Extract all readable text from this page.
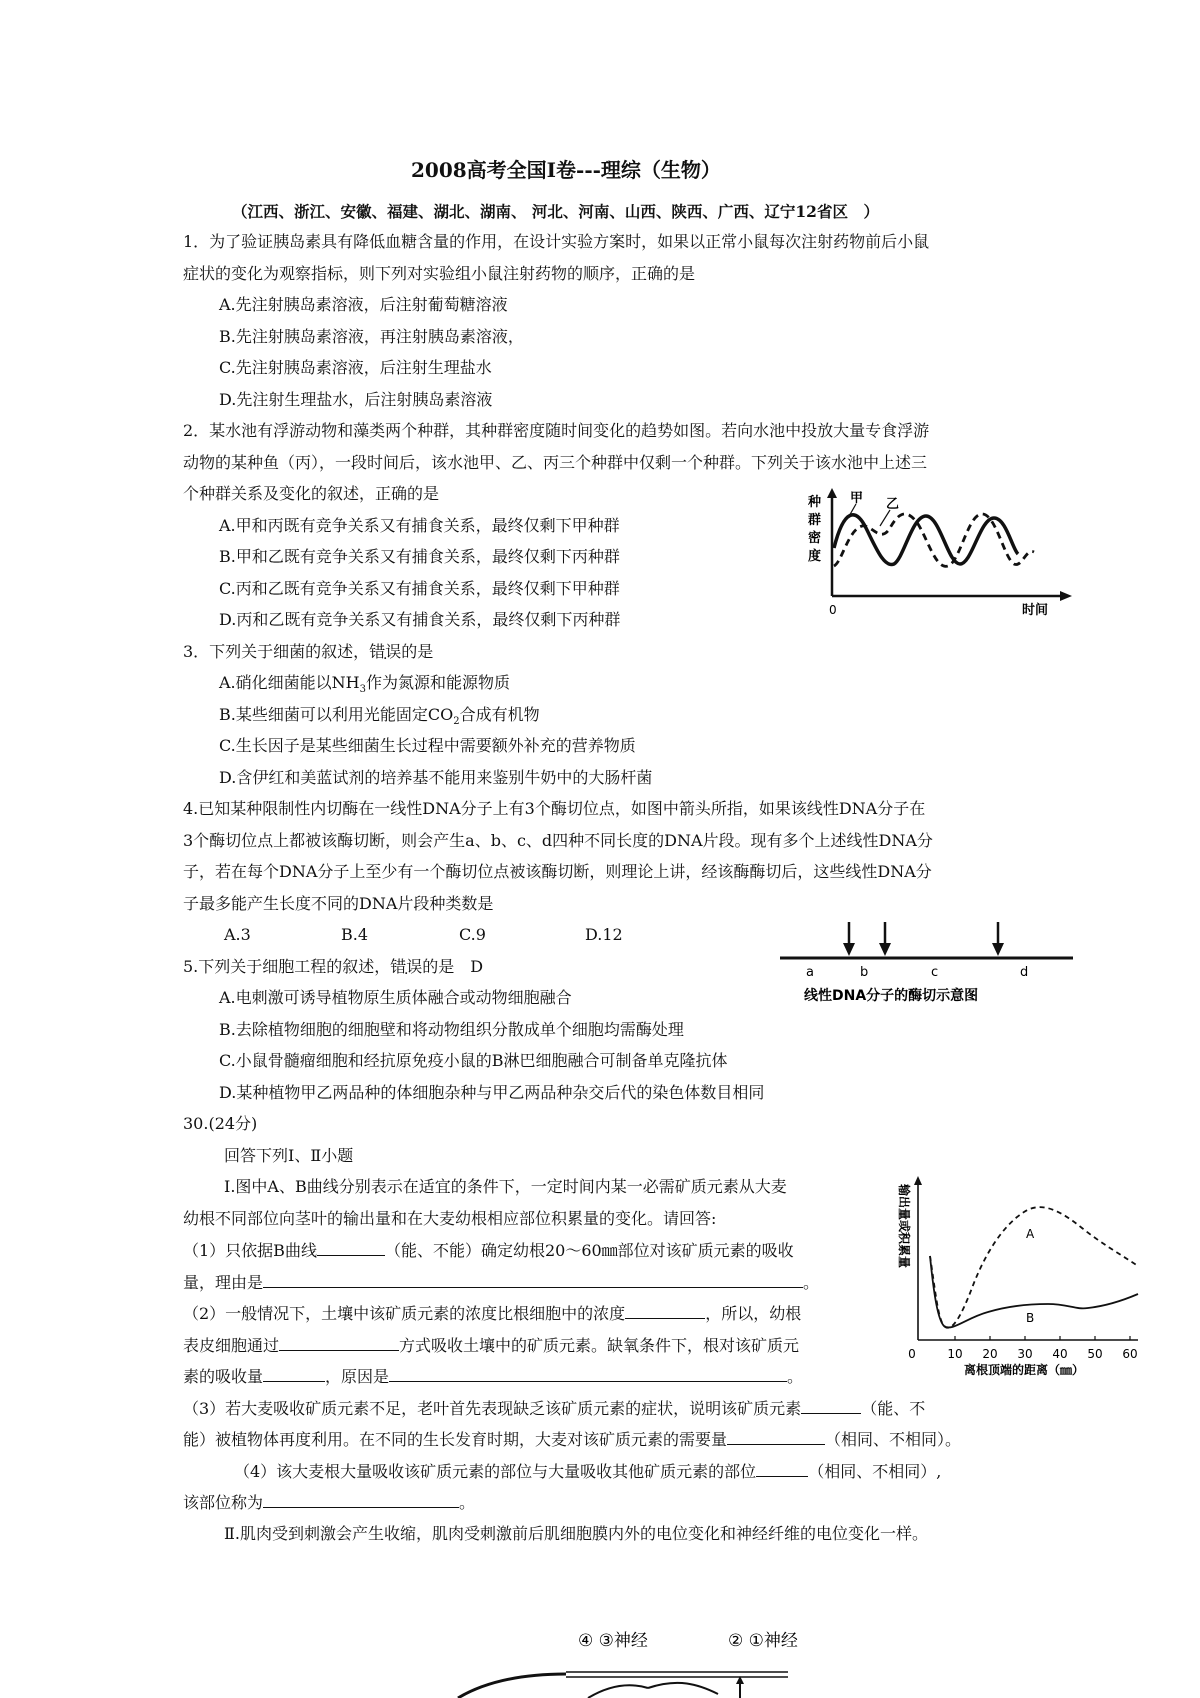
2008高考全国I卷---理综（生物）
（江西、浙江、安徽、福建、湖北、湖南、 河北、河南、山西、陕西、广西、辽宁12省区　）
1．为了验证胰岛素具有降低血糖含量的作用，在设计实验方案时，如果以正常小鼠每次注射药物前后小鼠
症状的变化为观察指标，则下列对实验组小鼠注射药物的顺序，正确的是
A.先注射胰岛素溶液，后注射葡萄糖溶液
B.先注射胰岛素溶液，再注射胰岛素溶液，
C.先注射胰岛素溶液，后注射生理盐水
D.先注射生理盐水，后注射胰岛素溶液
2．某水池有浮游动物和藻类两个种群，其种群密度随时间变化的趋势如图。若向水池中投放大量专食浮游
动物的某种鱼（丙），一段时间后，该水池甲、乙、丙三个种群中仅剩一个种群。下列关于该水池中上述三
个种群关系及变化的叙述，正确的是
A.甲和丙既有竞争关系又有捕食关系，最终仅剩下甲种群
B.甲和乙既有竞争关系又有捕食关系，最终仅剩下丙种群
C.丙和乙既有竞争关系又有捕食关系，最终仅剩下甲种群
D.丙和乙既有竞争关系又有捕食关系，最终仅剩下丙种群
种
群
密
度
0	时间
甲 乙
3．下列关于细菌的叙述，错误的是
A.硝化细菌能以$NH_3$作为氮源和能源物质
B.某些细菌可以利用光能固定$CO_2$合成有机物
C.生长因子是某些细菌生长过程中需要额外补充的营养物质
D.含伊红和美蓝试剂的培养基不能用来鉴别牛奶中的大肠杆菌
4.已知某种限制性内切酶在一线性DNA分子上有3个酶切位点，如图中箭头所指，如果该线性DNA分子在
3个酶切位点上都被该酶切断，则会产生a、b、c、d四种不同长度的DNA片段。现有多个上述线性DNA分
子，若在每个DNA分子上至少有一个酶切位点被该酶切断，则理论上讲，经该酶酶切后，这些线性DNA分
子最多能产生长度不同的DNA片段种类数是
A.3	B.4	C.9	D.12
a	b	c	d
线性DNA分子的酶切示意图
5.下列关于细胞工程的叙述，错误的是　D
A.电刺激可诱导植物原生质体融合或动物细胞融合
B.去除植物细胞的细胞壁和将动物组织分散成单个细胞均需酶处理
C.小鼠骨髓瘤细胞和经抗原免疫小鼠的B淋巴细胞融合可制备单克隆抗体
D.某种植物甲乙两品种的体细胞杂种与甲乙两品种杂交后代的染色体数目相同
30.(24分)
回答下列Ⅰ、Ⅱ小题
Ⅰ.图中A、B曲线分别表示在适宜的条件下，一定时间内某一必需矿质元素从大麦
幼根不同部位向茎叶的输出量和在大麦幼根相应部位积累量的变化。请回答:
（1）只依据B曲线	（能、不能）确定幼根20～60㎜部位对该矿质元素的吸收
量，理由是	。
（2）一般情况下，土壤中该矿质元素的浓度比根细胞中的浓度	，所以，幼根
表皮细胞通过	方式吸收土壤中的矿质元素。缺氧条件下，根对该矿质元
素的吸收量	，原因是	。
（3）若大麦吸收矿质元素不足，老叶首先表现缺乏该矿质元素的症状，说明该矿质元素	（能、不
能）被植物体再度利用。在不同的生长发育时期，大麦对该矿质元素的需要量	（相同、不相同）。
（4）该大麦根大量吸收该矿质元素的部位与大量吸收其他矿质元素的部位	（相同、不相同）,
该部位称为	。
Ⅱ.肌肉受到刺激会产生收缩，肌肉受刺激前后肌细胞膜内外的电位变化和神经纤维的电位变化一样。
输出量或积累量
0	10 20 30 40 50 60
离根顶端的距离（㎜）
A
B
④ ③神经	② ①神经
